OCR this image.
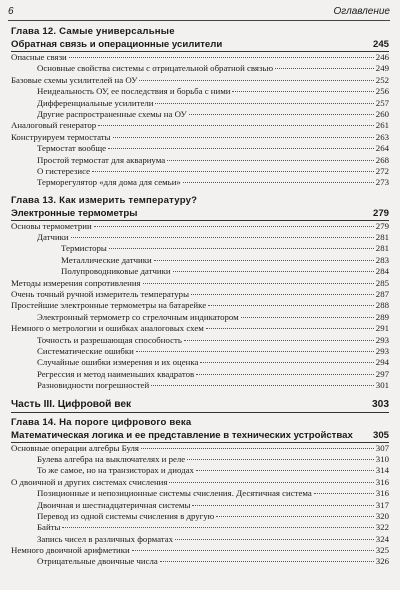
6	Оглавление
Глава 12. Самые универсальные
Обратная связь и операционные усилители	245
Опасные связи	246
Основные свойства системы с отрицательной обратной связью	249
Базовые схемы усилителей на ОУ	252
Неидеальность ОУ, ее последствия и борьба с ними	256
Дифференциальные усилители	257
Другие распространенные схемы на ОУ	260
Аналоговый генератор	261
Конструируем термостаты	263
Термостат вообще	264
Простой термостат для аквариума	268
О гистерезисе	272
Терморегулятор «для дома для семьи»	273
Глава 13. Как измерить температуру?
Электронные термометры	279
Основы термометрии	279
Датчики	281
Термисторы	281
Металлические датчики	283
Полупроводниковые датчики	284
Методы измерения сопротивления	285
Очень точный ручной измеритель температуры	287
Простейшие электронные термометры на батарейке	288
Электронный термометр со стрелочным индикатором	289
Немного о метрологии и ошибках аналоговых схем	291
Точность и разрешающая способность	293
Систематические ошибки	293
Случайные ошибки измерения и их оценка	294
Регрессия и метод наименьших квадратов	297
Разновидности погрешностей	301
Часть III. Цифровой век	303
Глава 14. На пороге цифрового века
Математическая логика и ее представление в технических устройствах 305
Основные операции алгебры Буля	307
Булева алгебра на выключателях и реле	310
То же самое, но на транзисторах и диодах	314
О двоичной и других системах счисления	316
Позиционные и непозиционные системы счисления. Десятичная система	316
Двоичная и шестнадцатеричная системы	317
Перевод из одной системы счисления в другую	320
Байты	322
Запись чисел в различных форматах	324
Немного двоичной арифметики	325
Отрицательные двоичные числа	326
